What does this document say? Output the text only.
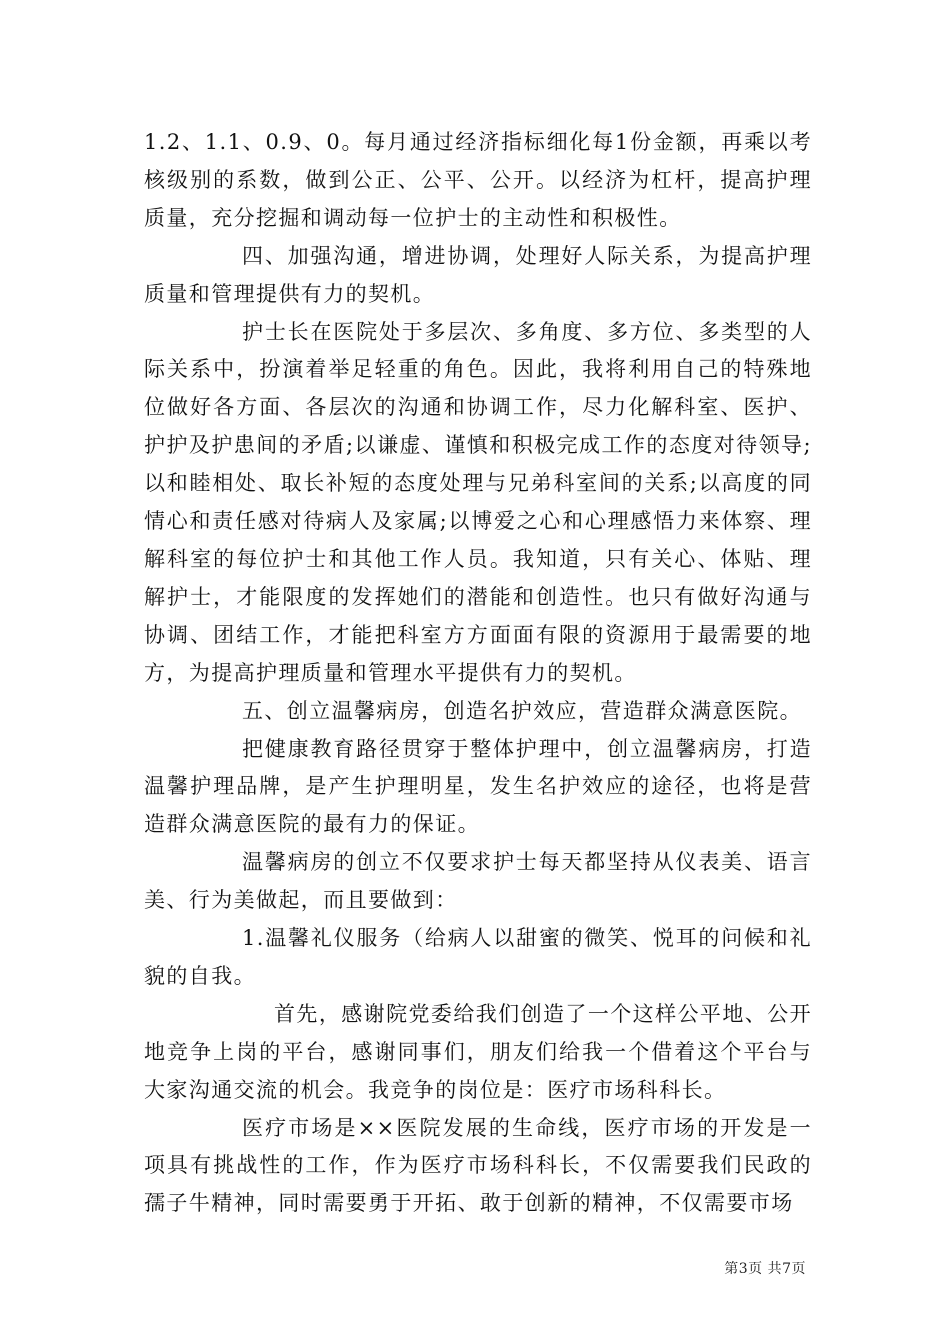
1.2、1.1、0.9、0。每月通过经济指标细化每1份金额，再乘以考核级别的系数，做到公正、公平、公开。以经济为杠杆，提高护理质量，充分挖掘和调动每一位护士的主动性和积极性。

四、加强沟通，增进协调，处理好人际关系，为提高护理质量和管理提供有力的契机。

护士长在医院处于多层次、多角度、多方位、多类型的人际关系中，扮演着举足轻重的角色。因此，我将利用自己的特殊地位做好各方面、各层次的沟通和协调工作，尽力化解科室、医护、护护及护患间的矛盾;以谦虚、谨慎和积极完成工作的态度对待领导;以和睦相处、取长补短的态度处理与兄弟科室间的关系;以高度的同情心和责任感对待病人及家属;以博爱之心和心理感悟力来体察、理解科室的每位护士和其他工作人员。我知道，只有关心、体贴、理解护士，才能限度的发挥她们的潜能和创造性。也只有做好沟通与协调、团结工作，才能把科室方方面面有限的资源用于最需要的地方，为提高护理质量和管理水平提供有力的契机。

五、创立温馨病房，创造名护效应，营造群众满意医院。

把健康教育路径贯穿于整体护理中，创立温馨病房，打造温馨护理品牌，是产生护理明星，发生名护效应的途径，也将是营造群众满意医院的最有力的保证。

温馨病房的创立不仅要求护士每天都坚持从仪表美、语言美、行为美做起，而且要做到：

1.温馨礼仪服务（给病人以甜蜜的微笑、悦耳的问候和礼貌的自我。

首先，感谢院党委给我们创造了一个这样公平地、公开地竞争上岗的平台，感谢同事们，朋友们给我一个借着这个平台与大家沟通交流的机会。我竞争的岗位是：医疗市场科科长。

医疗市场是××医院发展的生命线，医疗市场的开发是一项具有挑战性的工作，作为医疗市场科科长，不仅需要我们民政的孺子牛精神，同时需要勇于开拓、敢于创新的精神，不仅需要市场

第3页 共7页
